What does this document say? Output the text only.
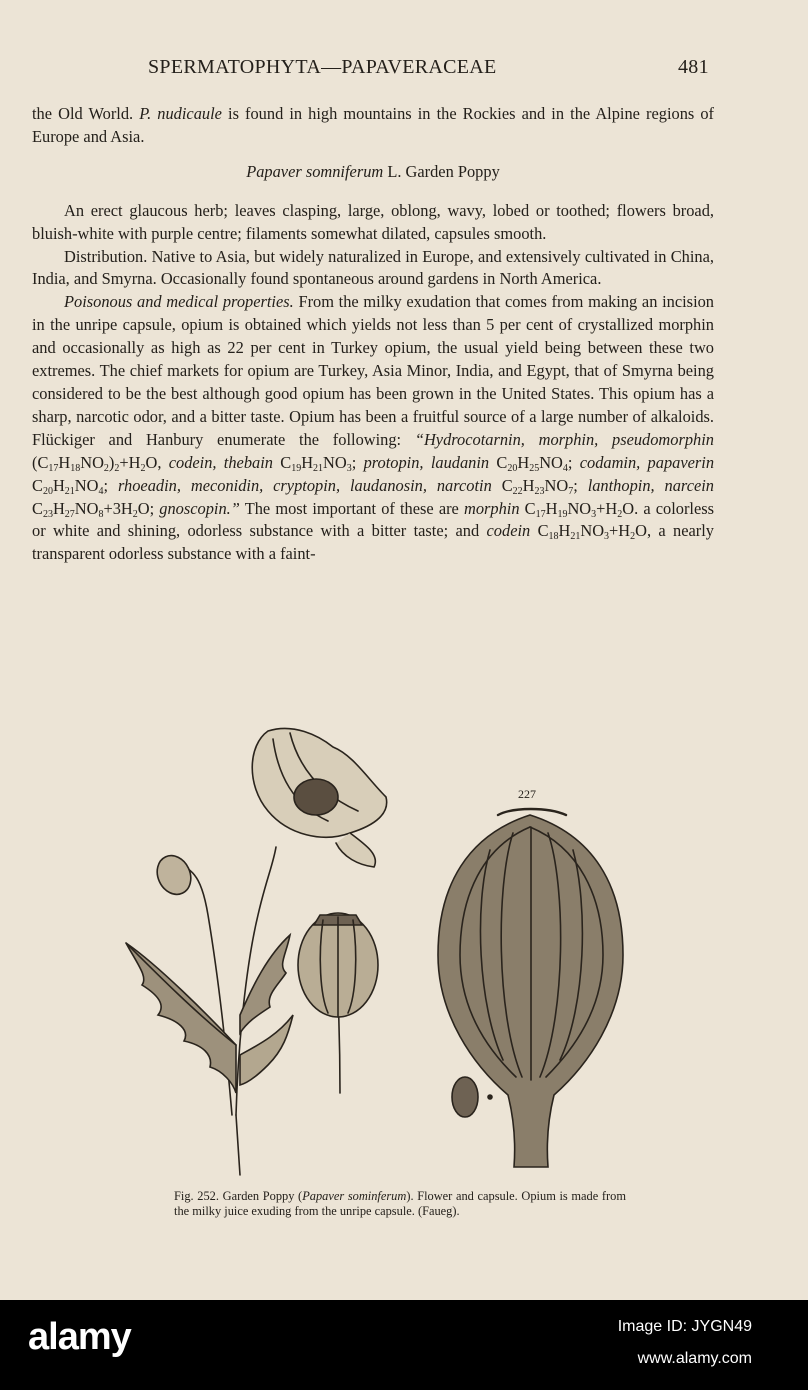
SPERMATOPHYTA—PAPAVERACEAE	481

the Old World. P. nudicaule is found in high mountains in the Rockies and in the Alpine regions of Europe and Asia.

Papaver somniferum L. Garden Poppy

An erect glaucous herb; leaves clasping, large, oblong, wavy, lobed or toothed; flowers broad, bluish-white with purple centre; filaments somewhat dilated, capsules smooth.

Distribution. Native to Asia, but widely naturalized in Europe, and extensively cultivated in China, India, and Smyrna. Occasionally found spontaneous around gardens in North America.

Poisonous and medical properties. From the milky exudation that comes from making an incision in the unripe capsule, opium is obtained which yields not less than 5 per cent of crystallized morphin and occasionally as high as 22 per cent in Turkey opium, the usual yield being between these two extremes. The chief markets for opium are Turkey, Asia Minor, India, and Egypt, that of Smyrna being considered to be the best although good opium has been grown in the United States. This opium has a sharp, narcotic odor, and a bitter taste. Opium has been a fruitful source of a large number of alkaloids. Flückiger and Hanbury enumerate the following: “Hydrocotarnin, morphin, pseudomorphin $(C_{17}H_{18}NO_2)_2+H_2O$, codein, thebain $C_{19}H_{21}NO_3$; protopin, laudanin $C_{20}H_{25}NO_4$; codamin, papaverin $C_{20}H_{21}NO_4$; rhoeadin, meconidin, cryptopin, laudanosin, narcotin $C_{22}H_{23}NO_7$; lanthopin, narcein $C_{23}H_{27}NO_8+3H_2O$; gnoscopin.” The most important of these are morphin $C_{17}H_{19}NO_3+H_2O$. a colorless or white and shining, odorless substance with a bitter taste; and codein $C_{18}H_{21}NO_3+H_2O$, a nearly transparent odorless substance with a faint-

227
Fig. 252. Garden Poppy (Papaver sominferum). Flower and capsule. Opium is made from the milky juice exuding from the unripe capsule. (Faueg).
alamy	Image ID: JYGN49
www.alamy.com
